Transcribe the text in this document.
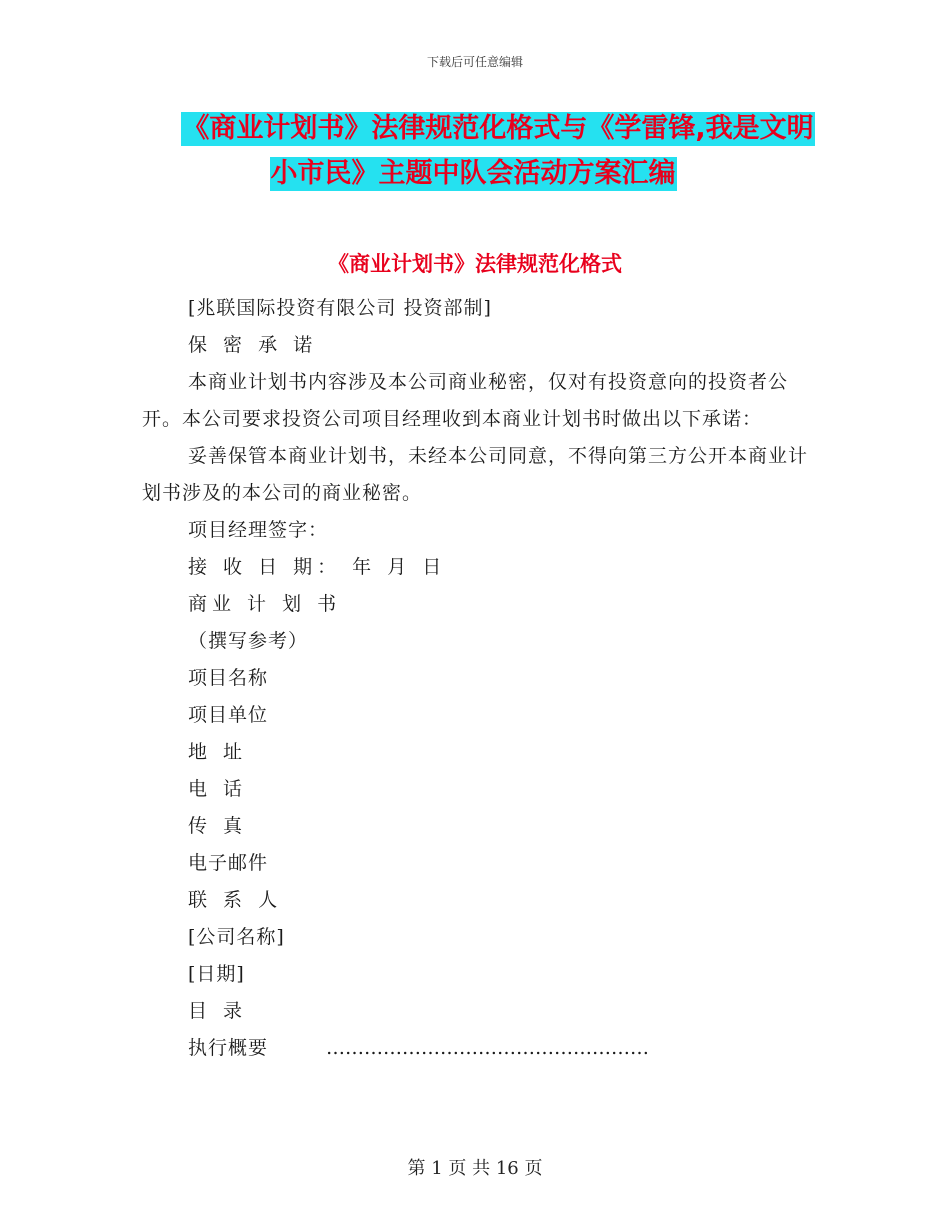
下载后可任意编辑
《商业计划书》法律规范化格式与《学雷锋,我是文明
小市民》主题中队会活动方案汇编
《商业计划书》法律规范化格式

[兆联国际投资有限公司 投资部制]

保 密 承 诺

本商业计划书内容涉及本公司商业秘密，仅对有投资意向的投资者公开。本公司要求投资公司项目经理收到本商业计划书时做出以下承诺：

妥善保管本商业计划书，未经本公司同意，不得向第三方公开本商业计划书涉及的本公司的商业秘密。

项目经理签字：

接 收 日 期： 年 月 日

商业 计 划 书

（撰写参考）

项目名称

项目单位

地 址

电 话

传 真

电子邮件

联 系 人

[公司名称]

[日期]

目 录

执行概要	……………………………………………

第 1 页 共 16 页
